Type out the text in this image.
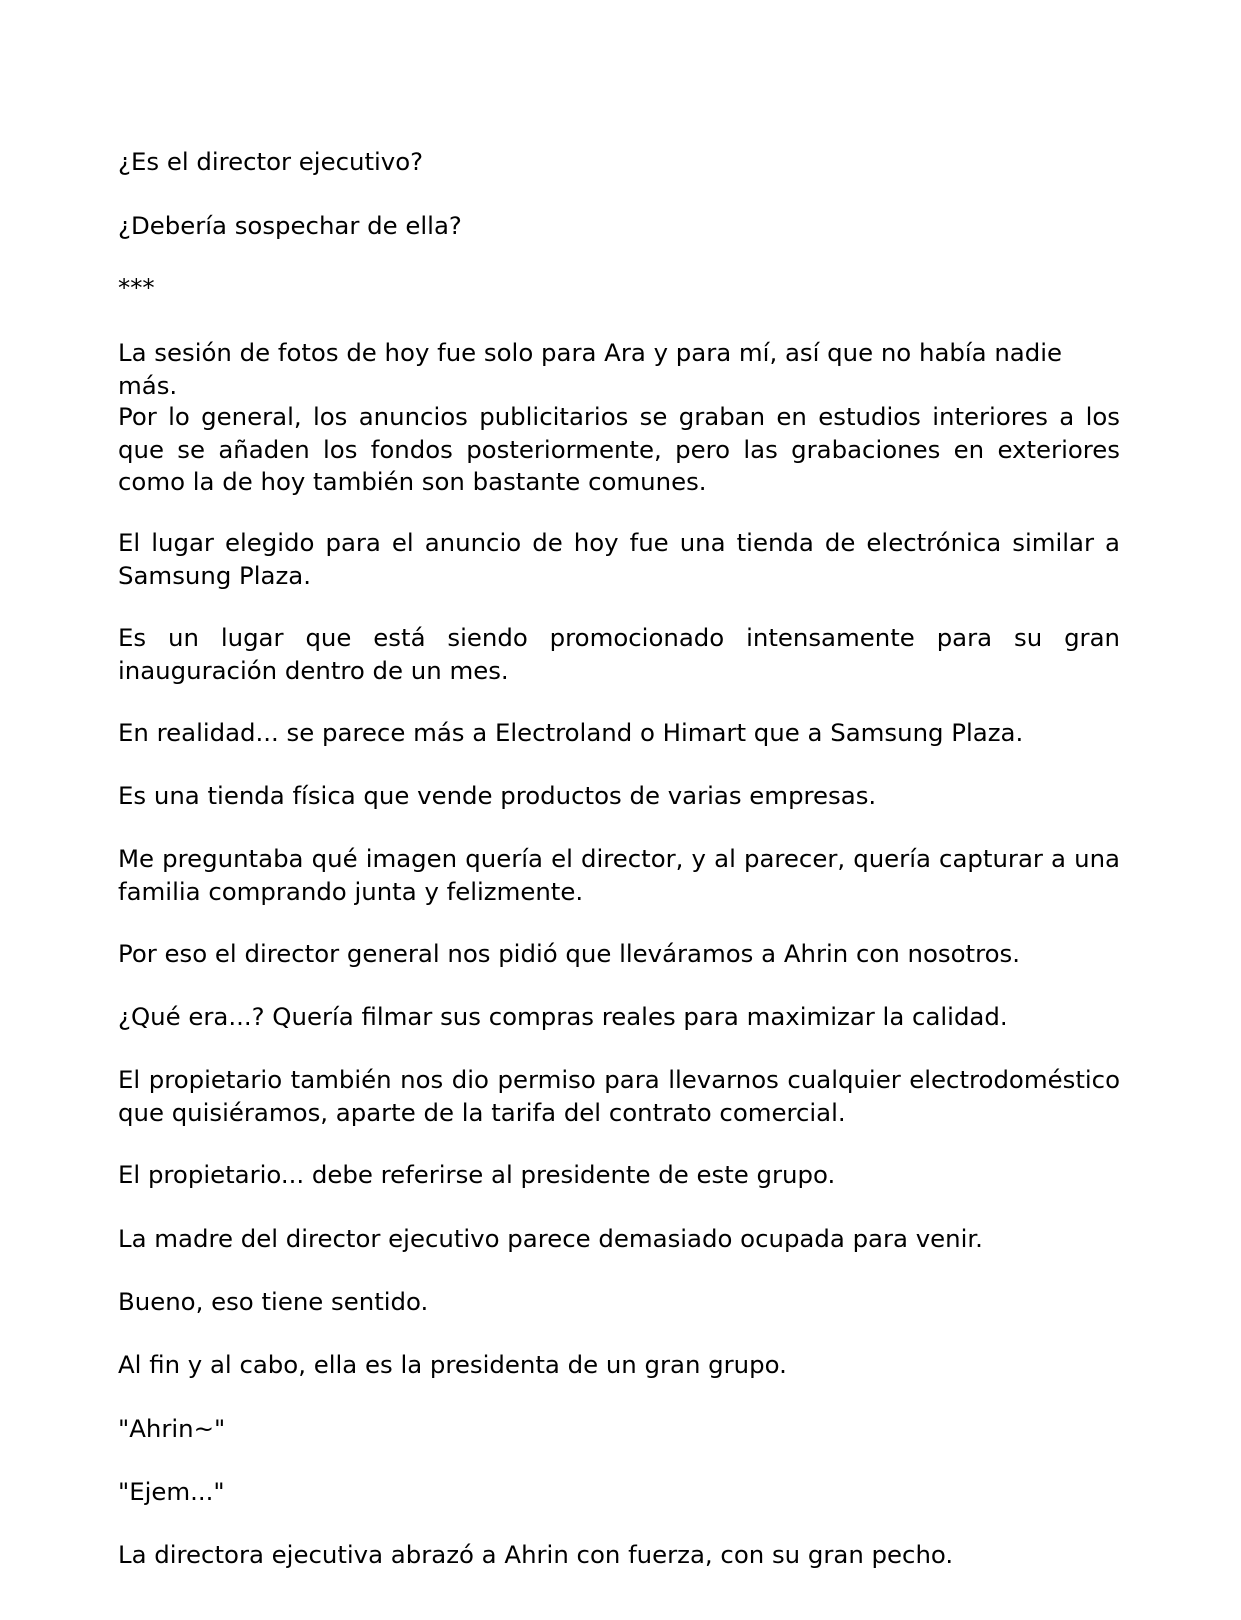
¿Es el director ejecutivo?

¿Debería sospechar de ella?

***

La sesión de fotos de hoy fue solo para Ara y para mí, así que no había nadie más.

Por lo general, los anuncios publicitarios se graban en estudios interiores a los que se añaden los fondos posteriormente, pero las grabaciones en exteriores como la de hoy también son bastante comunes.

El lugar elegido para el anuncio de hoy fue una tienda de electrónica similar a Samsung Plaza.

Es un lugar que está siendo promocionado intensamente para su gran inauguración dentro de un mes.

En realidad... se parece más a Electroland o Himart que a Samsung Plaza.

Es una tienda física que vende productos de varias empresas.

Me preguntaba qué imagen quería el director, y al parecer, quería capturar a una familia comprando junta y felizmente.

Por eso el director general nos pidió que lleváramos a Ahrin con nosotros.

¿Qué era...? Quería filmar sus compras reales para maximizar la calidad.

El propietario también nos dio permiso para llevarnos cualquier electrodoméstico que quisiéramos, aparte de la tarifa del contrato comercial.

El propietario... debe referirse al presidente de este grupo.

La madre del director ejecutivo parece demasiado ocupada para venir.

Bueno, eso tiene sentido.

Al fin y al cabo, ella es la presidenta de un gran grupo.

"Ahrin~"

"Ejem..."

La directora ejecutiva abrazó a Ahrin con fuerza, con su gran pecho.
